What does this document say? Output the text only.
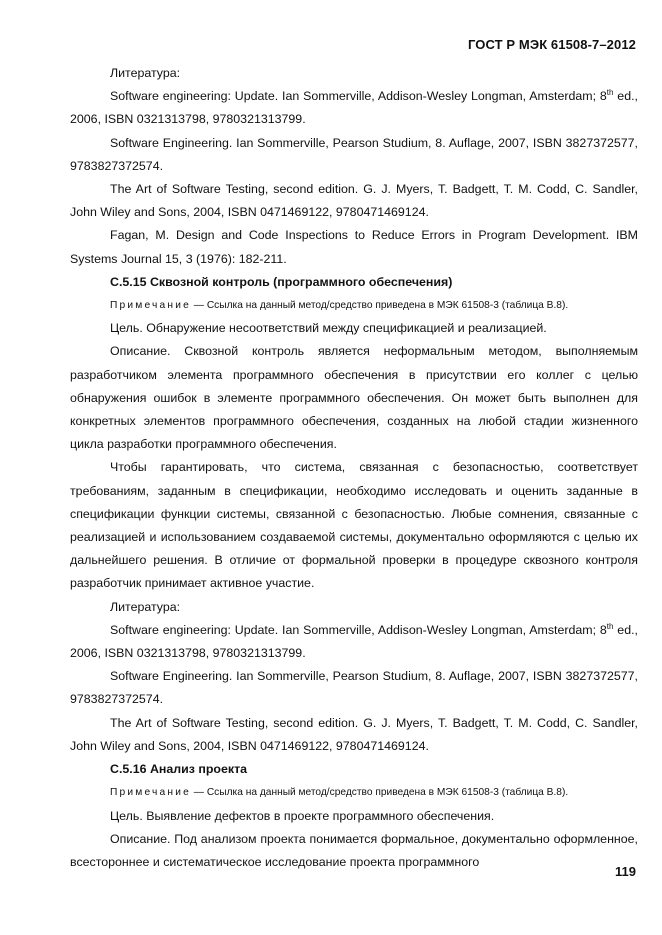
ГОСТ Р МЭК 61508-7–2012

Литература:

Software engineering: Update. Ian Sommerville, Addison-Wesley Longman, Amsterdam; 8th ed., 2006, ISBN 0321313798, 9780321313799.

Software Engineering. Ian Sommerville, Pearson Studium, 8. Auflage, 2007, ISBN 3827372577, 9783827372574.

The Art of Software Testing, second edition. G. J. Myers, T. Badgett, T. M. Codd, C. Sandler, John Wiley and Sons, 2004, ISBN 0471469122, 9780471469124.

Fagan, M. Design and Code Inspections to Reduce Errors in Program Development. IBM Systems Journal 15, 3 (1976): 182-211.

С.5.15 Сквозной контроль (программного обеспечения)
Примечание — Ссылка на данный метод/средство приведена в МЭК 61508-3 (таблица В.8).

Цель. Обнаружение несоответствий между спецификацией и реализацией.

Описание. Сквозной контроль является неформальным методом, выполняемым разработчиком элемента программного обеспечения в присутствии его коллег с целью обнаружения ошибок в элементе программного обеспечения. Он может быть выполнен для конкретных элементов программного обеспечения, созданных на любой стадии жизненного цикла разработки программного обеспечения.

Чтобы гарантировать, что система, связанная с безопасностью, соответствует требованиям, заданным в спецификации, необходимо исследовать и оценить заданные в спецификации функции системы, связанной с безопасностью. Любые сомнения, связанные с реализацией и использованием создаваемой системы, документально оформляются с целью их дальнейшего решения. В отличие от формальной проверки в процедуре сквозного контроля разработчик принимает активное участие.

Литература:

Software engineering: Update. Ian Sommerville, Addison-Wesley Longman, Amsterdam; 8th ed., 2006, ISBN 0321313798, 9780321313799.

Software Engineering. Ian Sommerville, Pearson Studium, 8. Auflage, 2007, ISBN 3827372577, 9783827372574.

The Art of Software Testing, second edition. G. J. Myers, T. Badgett, T. M. Codd, C. Sandler, John Wiley and Sons, 2004, ISBN 0471469122, 9780471469124.

С.5.16 Анализ проекта
Примечание — Ссылка на данный метод/средство приведена в МЭК 61508-3 (таблица В.8).

Цель. Выявление дефектов в проекте программного обеспечения.

Описание. Под анализом проекта понимается формальное, документально оформленное, всестороннее и систематическое исследование проекта программного

119
